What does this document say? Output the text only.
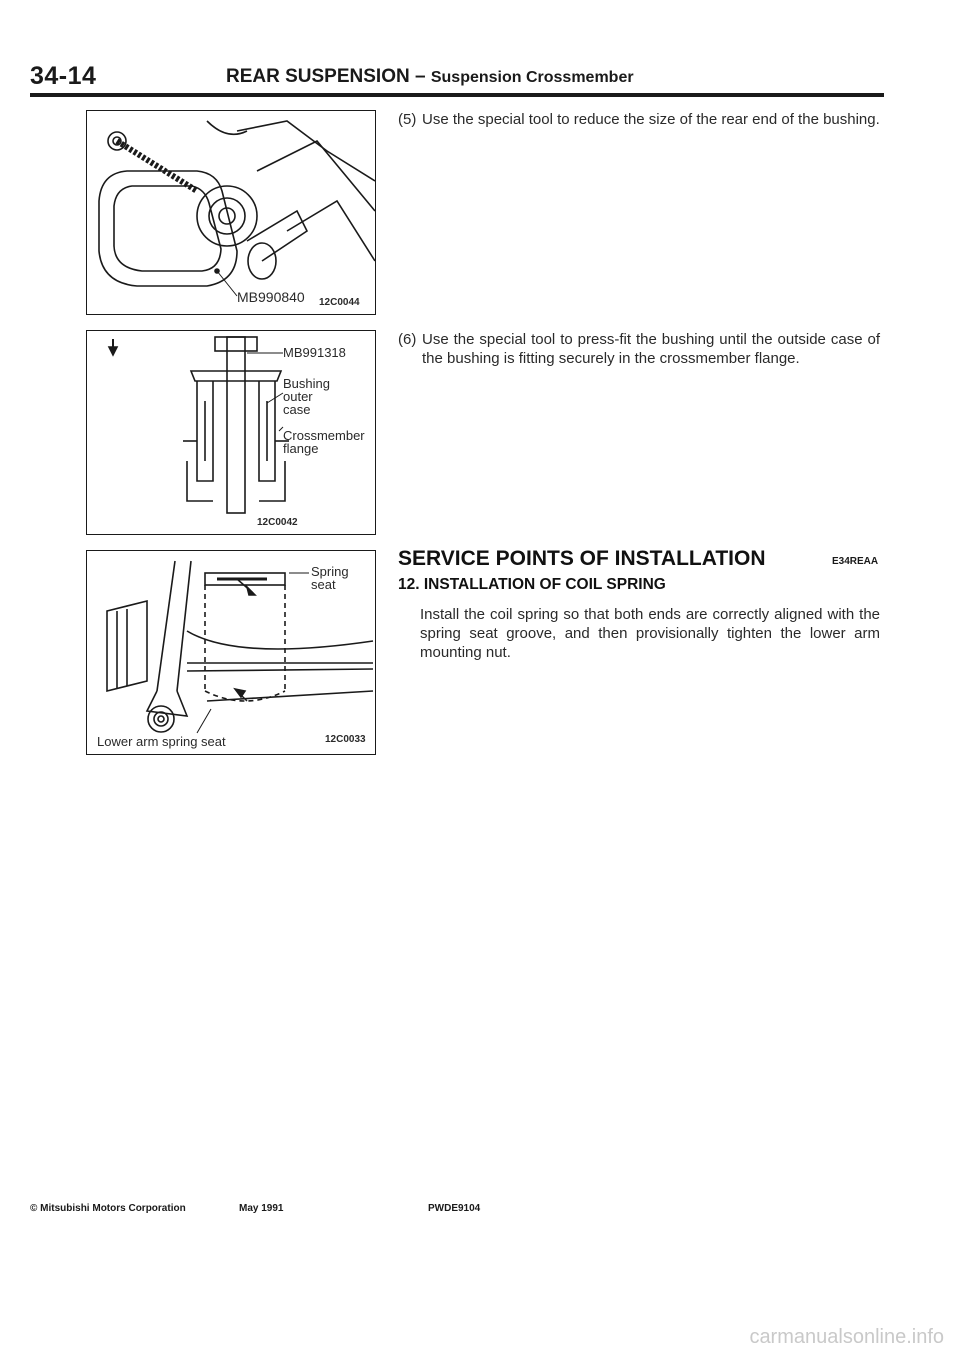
34-14	REAR SUSPENSION – Suspension Crossmember
MB990840 12C0044
MB991318
Bushing
outer
case
Crossmember
flange
12C0042
Spring
seat
Lower arm spring seat	12C0033
(5) Use the special tool to reduce the size of the rear end of the bushing.
(6) Use the special tool to press-fit the bushing until the outside case of the bushing is fitting securely in the crossmember flange.
SERVICE POINTS OF INSTALLATION	E34REAA
12. INSTALLATION OF COIL SPRING
Install the coil spring so that both ends are correctly aligned with the spring seat groove, and then provisionally tighten the lower arm mounting nut.
© Mitsubishi Motors Corporation	May 1991	PWDE9104
carmanualsonline.info
